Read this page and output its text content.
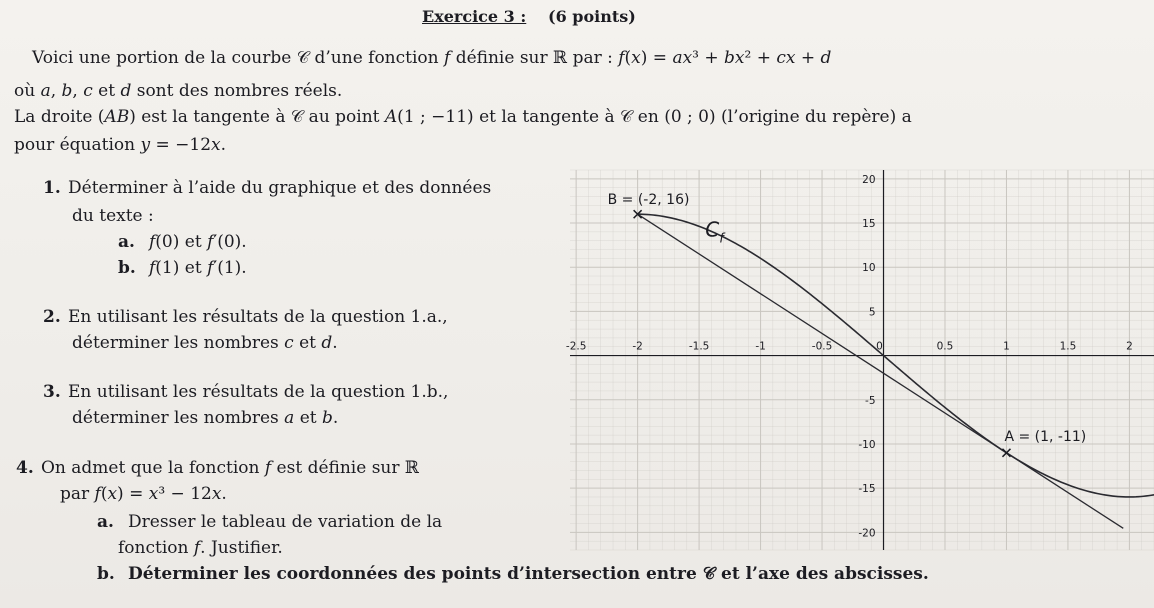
Exercice 3 : (6 points)
Voici une portion de la courbe 𝒞 d’une fonction 𝑓 définie sur ℝ par : 𝑓(𝑥) = 𝑎𝑥³ + 𝑏𝑥² + 𝑐𝑥 + 𝑑
où 𝑎, 𝑏, 𝑐 et 𝑑 sont des nombres réels.
La droite (𝐴𝐵) est la tangente à 𝒞 au point 𝐴(1 ; −11) et la tangente à 𝒞 en (0 ; 0) (l’origine du repère) a
pour équation 𝑦 = −12𝑥.
1. Déterminer à l’aide du graphique et des données
du texte :
a. 𝑓(0) et 𝑓′(0).
b. 𝑓(1) et 𝑓′(1).
2. En utilisant les résultats de la question 1.a.,
déterminer les nombres 𝑐 et 𝑑.
3. En utilisant les résultats de la question 1.b.,
déterminer les nombres 𝑎 et 𝑏.
4. On admet que la fonction 𝑓 est définie sur ℝ
par 𝑓(𝑥) = 𝑥³ − 12𝑥.
a. Dresser le tableau de variation de la
fonction 𝑓. Justifier.
b. Déterminer les coordonnées des points d’intersection entre 𝒞 et l’axe des abscisses.
-2.5	-2	-1.5	-1	-0.5	0.5	1	1.5	2
0
20
15
10
5
-5
-10
-15
-20
C f
B = (-2, 16)
A = (1, -11)
